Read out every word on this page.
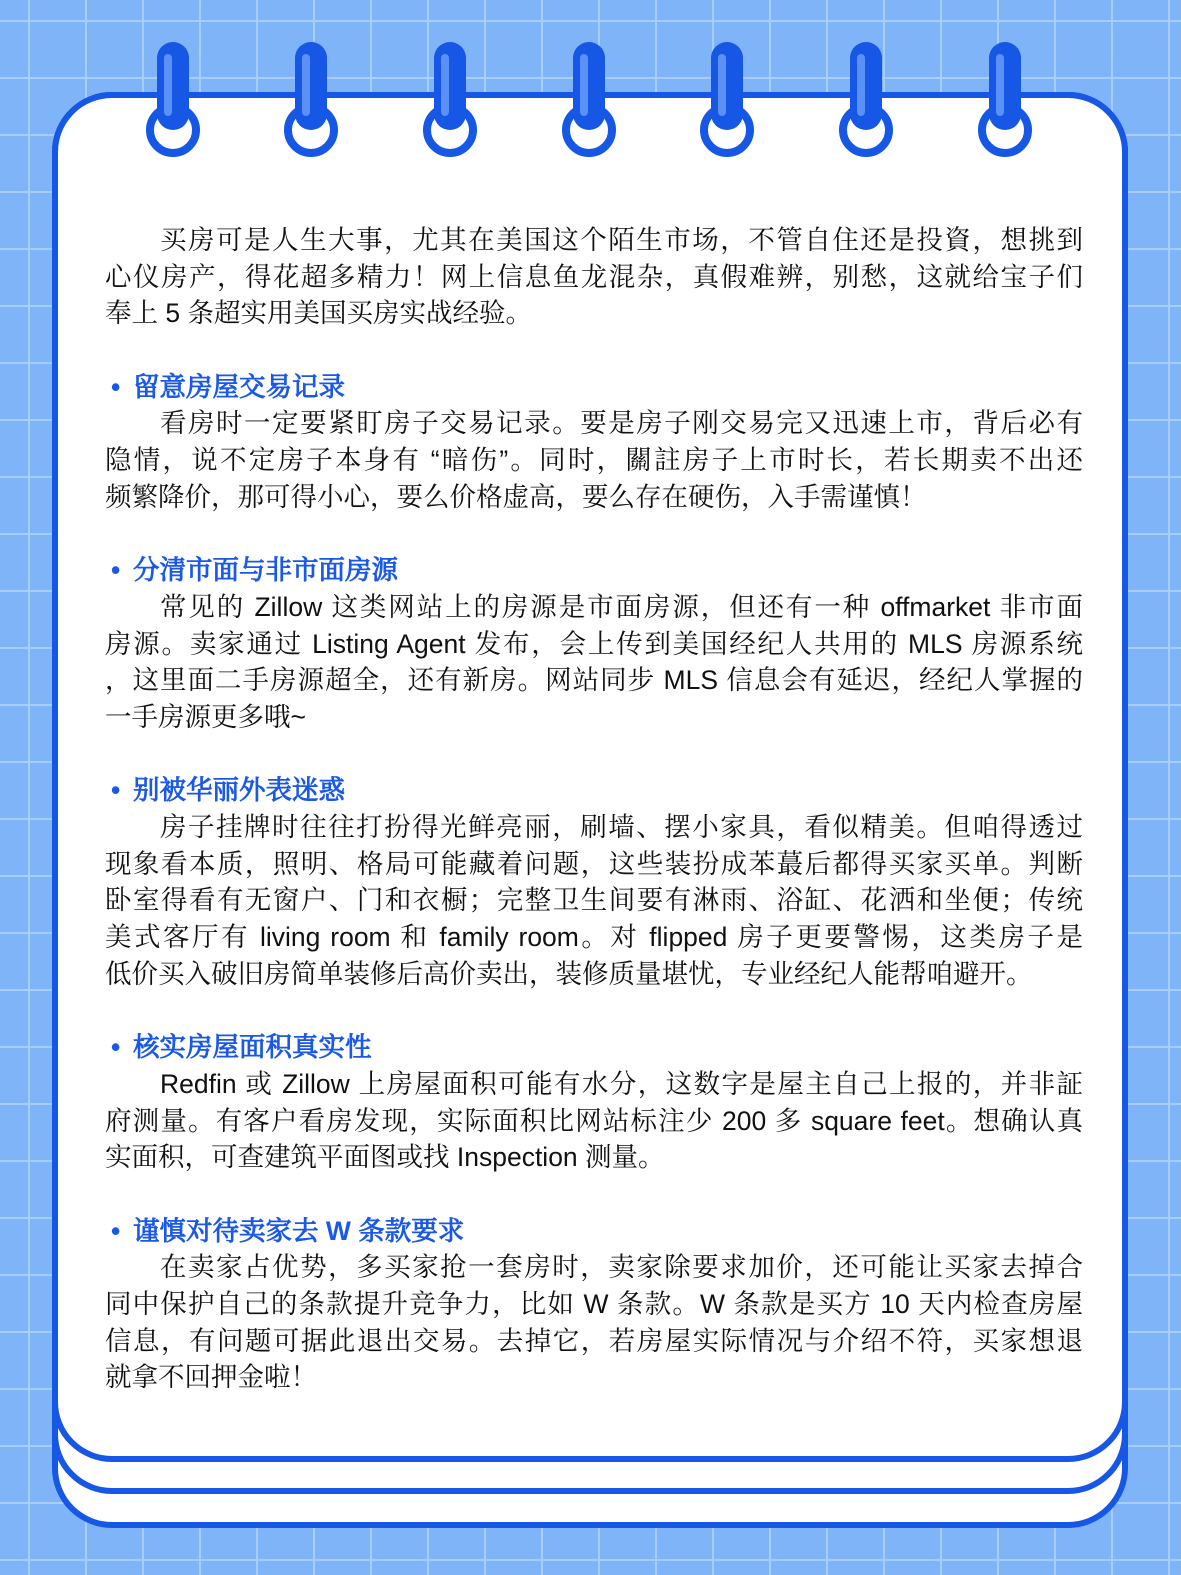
买房可是人生大事，尤其在美国这个陌生市场，不管自住还是投資，想挑到
心仪房产，得花超多精力！网上信息鱼龙混杂，真假难辨，别愁，这就给宝子们
奉上 5 条超实用美国买房实战经验。
• 留意房屋交易记录
看房时一定要紧盯房子交易记录。要是房子刚交易完又迅速上市，背后必有
隐情，说不定房子本身有 “暗伤”。同时，關註房子上市时长，若长期卖不出还
频繁降价，那可得小心，要么价格虚高，要么存在硬伤，入手需谨慎！
• 分清市面与非市面房源
常见的 Zillow 这类网站上的房源是市面房源，但还有一种 offmarket 非市面
房源。卖家通过 Listing Agent 发布，会上传到美国经纪人共用的 MLS 房源系统
，这里面二手房源超全，还有新房。网站同步 MLS 信息会有延迟，经纪人掌握的
一手房源更多哦~
• 别被华丽外表迷惑
房子挂牌时往往打扮得光鲜亮丽，刷墙、摆小家具，看似精美。但咱得透过
现象看本质，照明、格局可能藏着问题，这些装扮成苯蕞后都得买家买单。判断
卧室得看有无窗户、门和衣橱；完整卫生间要有淋雨、浴缸、花洒和坐便；传统
美式客厅有 living room 和 family room。对 flipped 房子更要警惕，这类房子是
低价买入破旧房简单装修后高价卖出，装修质量堪忧，专业经纪人能帮咱避开。
• 核实房屋面积真实性
Redfin 或 Zillow 上房屋面积可能有水分，这数字是屋主自己上报的，并非証
府测量。有客户看房发现，实际面积比网站标注少 200 多 square feet。想确认真
实面积，可查建筑平面图或找 Inspection 测量。
• 谨慎对待卖家去 W 条款要求
在卖家占优势，多买家抢一套房时，卖家除要求加价，还可能让买家去掉合
同中保护自己的条款提升竞争力，比如 W 条款。W 条款是买方 10 天内检查房屋
信息，有问题可据此退出交易。去掉它，若房屋实际情况与介绍不符，买家想退
就拿不回押金啦！
